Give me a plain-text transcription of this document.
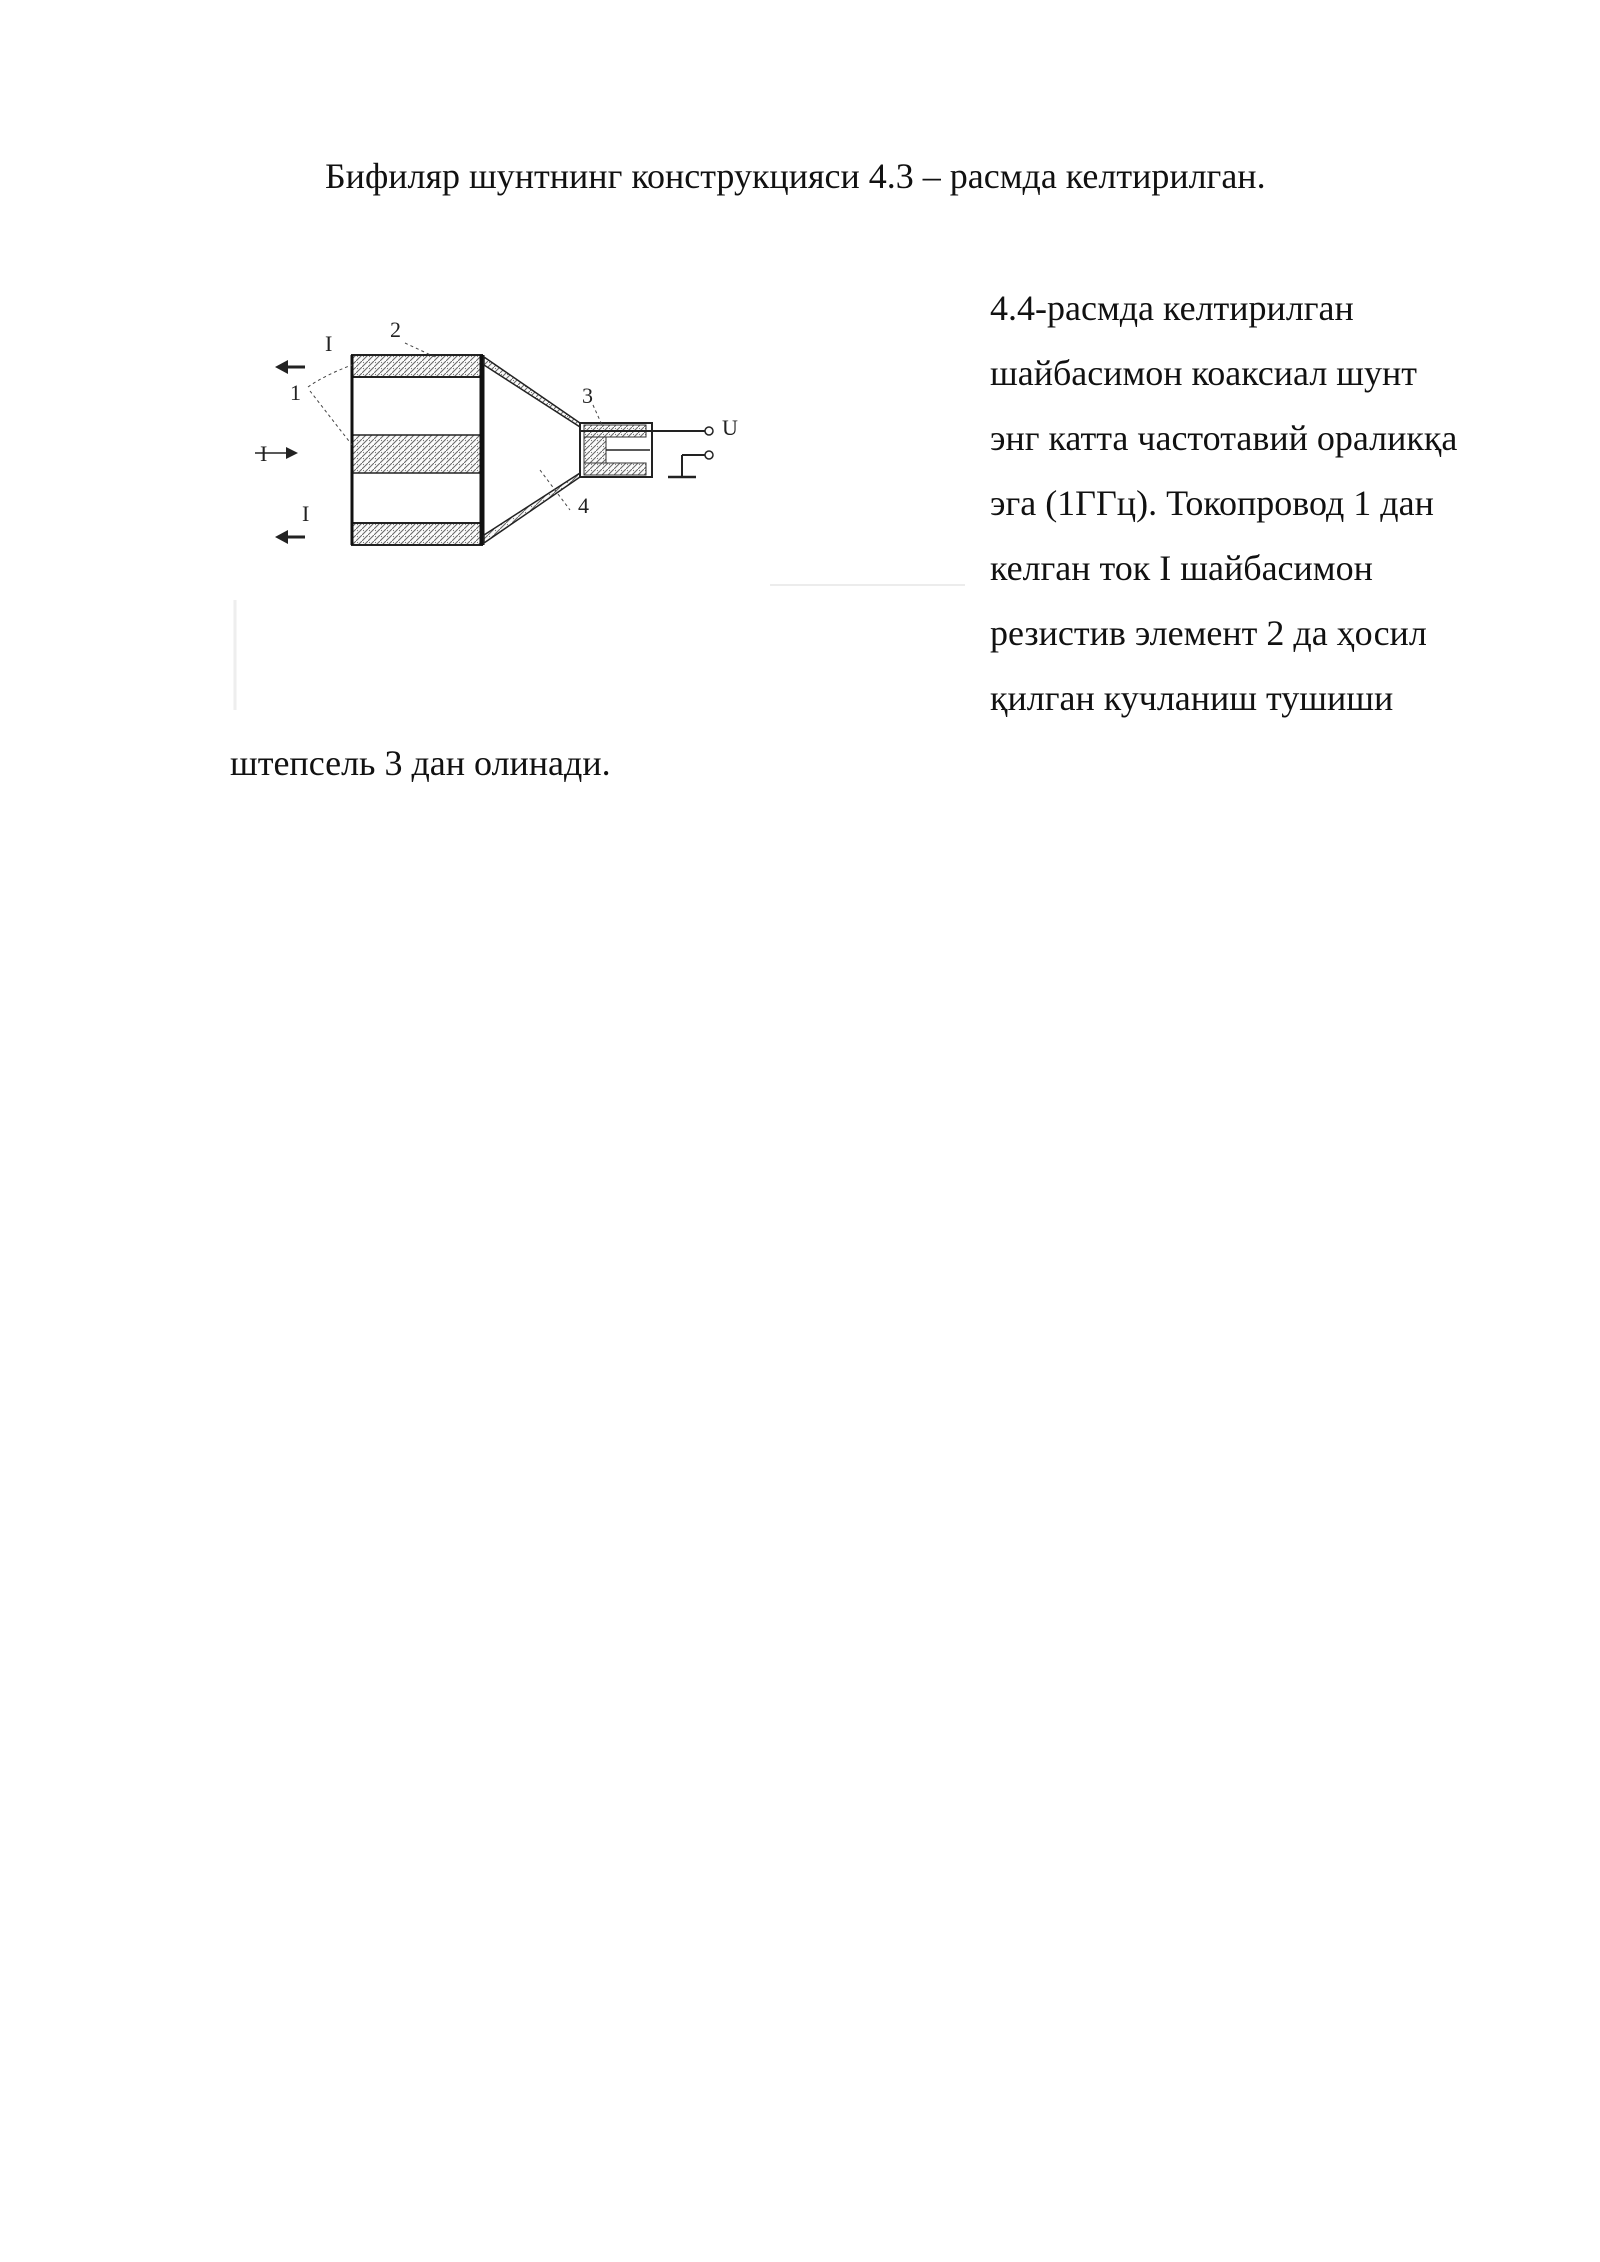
Бифиляр шунтнинг конструкцияси 4.3 – расмда келтирилган.
I
I
I
1
2
3
4
U
4.4-расмда келтирилган
шайбасимон коаксиал шунт
энг катта частотавий ораликқа
эга (1ГГц). Токопровод 1 дан
келган ток I шайбасимон
резистив элемент 2 да ҳосил
қилган кучланиш тушиши
штепсель 3 дан олинади.
